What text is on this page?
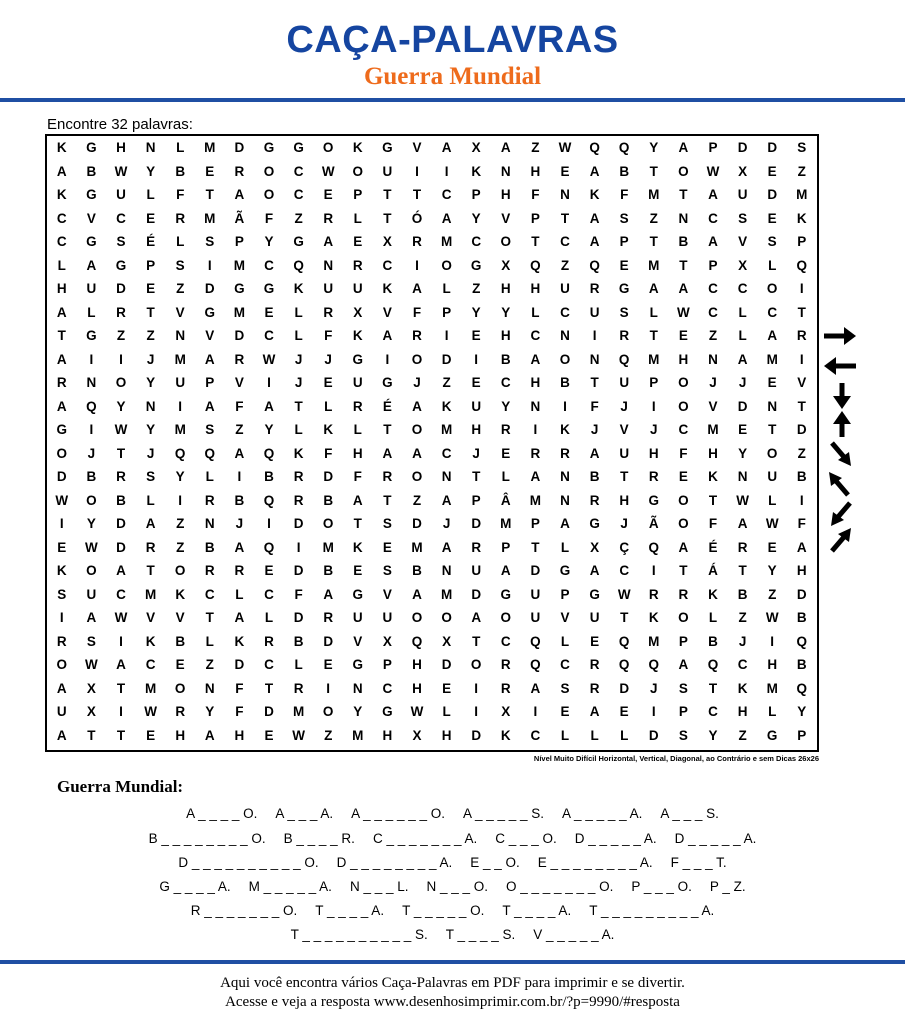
CAÇA-PALAVRAS
Guerra Mundial
Encontre 32 palavras:
K	G	H	N	L	M	D	G	G	O	K	G	V	A	X	A	Z	W	Q	Q	Y	A	P	D	D	S
A	B	W	Y	B	E	R	O	C	W	O	U	I	I	K	N	H	E	A	B	T	O	W	X	E	Z
K	G	U	L	F	T	A	O	C	E	P	T	T	C	P	H	F	N	K	F	M	T	A	U	D	M
C	V	C	E	R	M	Ã	F	Z	R	L	T	Ó	A	Y	V	P	T	A	S	Z	N	C	S	E	K
C	G	S	É	L	S	P	Y	G	A	E	X	R	M	C	O	T	C	A	P	T	B	A	V	S	P
L	A	G	P	S	I	M	C	Q	N	R	C	I	O	G	X	Q	Z	Q	E	M	T	P	X	L	Q
H	U	D	E	Z	D	G	G	K	U	U	K	A	L	Z	H	H	U	R	G	A	A	C	C	O	I
A	L	R	T	V	G	M	E	L	R	X	V	F	P	Y	Y	L	C	U	S	L	W	C	L	C	T
T	G	Z	Z	N	V	D	C	L	F	K	A	R	I	E	H	C	N	I	R	T	E	Z	L	A	R
A	I	I	J	M	A	R	W	J	J	G	I	O	D	I	B	A	O	N	Q	M	H	N	A	M	I
R	N	O	Y	U	P	V	I	J	E	U	G	J	Z	E	C	H	B	T	U	P	O	J	J	E	V
A	Q	Y	N	I	A	F	A	T	L	R	É	A	K	U	Y	N	I	F	J	I	O	V	D	N	T
G	I	W	Y	M	S	Z	Y	L	K	L	T	O	M	H	R	I	K	J	V	J	C	M	E	T	D
O	J	T	J	Q	Q	A	Q	K	F	H	A	A	C	J	E	R	R	A	U	H	F	H	Y	O	Z
D	B	R	S	Y	L	I	B	R	D	F	R	O	N	T	L	A	N	B	T	R	E	K	N	U	B
W	O	B	L	I	R	B	Q	R	B	A	T	Z	A	P	Â	M	N	R	H	G	O	T	W	L	I
I	Y	D	A	Z	N	J	I	D	O	T	S	D	J	D	M	P	A	G	J	Ã	O	F	A	W	F
E	W	D	R	Z	B	A	Q	I	M	K	E	M	A	R	P	T	L	X	Ç	Q	A	É	R	E	A
K	O	A	T	O	R	R	E	D	B	E	S	B	N	U	A	D	G	A	C	I	T	Á	T	Y	H
S	U	C	M	K	C	L	C	F	A	G	V	A	M	D	G	U	P	G	W	R	R	K	B	Z	D
I	A	W	V	V	T	A	L	D	R	U	U	O	O	A	O	U	V	U	T	K	O	L	Z	W	B
R	S	I	K	B	L	K	R	B	D	V	X	Q	X	T	C	Q	L	E	Q	M	P	B	J	I	Q
O	W	A	C	E	Z	D	C	L	E	G	P	H	D	O	R	Q	C	R	Q	Q	A	Q	C	H	B
A	X	T	M	O	N	F	T	R	I	N	C	H	E	I	R	A	S	R	D	J	S	T	K	M	Q
U	X	I	W	R	Y	F	D	M	O	Y	G	W	L	I	X	I	E	A	E	I	P	C	H	L	Y
A	T	T	E	H	A	H	E	W	Z	M	H	X	H	D	K	C	L	L	L	D	S	Y	Z	G	P
Nível Muito Difícil Horizontal, Vertical, Diagonal, ao Contrário e sem Dicas 26x26
Guerra Mundial:
A _ _ _ _ O. A _ _ _ A. A _ _ _ _ _ _ O. A _ _ _ _ _ S. A _ _ _ _ _ A. A _ _ _ S.
B _ _ _ _ _ _ _ _ O. B _ _ _ _ R. C _ _ _ _ _ _ _ A. C _ _ _ O. D _ _ _ _ _ A. D _ _ _ _ _ A.
D _ _ _ _ _ _ _ _ _ _ O. D _ _ _ _ _ _ _ _ A. E _ _ O. E _ _ _ _ _ _ _ _ A. F _ _ _ T.
G _ _ _ _ A. M _ _ _ _ _ A. N _ _ _ L. N _ _ _ O. O _ _ _ _ _ _ _ O. P _ _ _ O. P _ Z.
R _ _ _ _ _ _ _ O. T _ _ _ _ A. T _ _ _ _ _ O. T _ _ _ _ A. T _ _ _ _ _ _ _ _ _ A.
T _ _ _ _ _ _ _ _ _ _ S. T _ _ _ _ S. V _ _ _ _ _ A.
Aqui você encontra vários Caça-Palavras em PDF para imprimir e se divertir.
Acesse e veja a resposta www.desenhosimprimir.com.br/?p=9990/#resposta
